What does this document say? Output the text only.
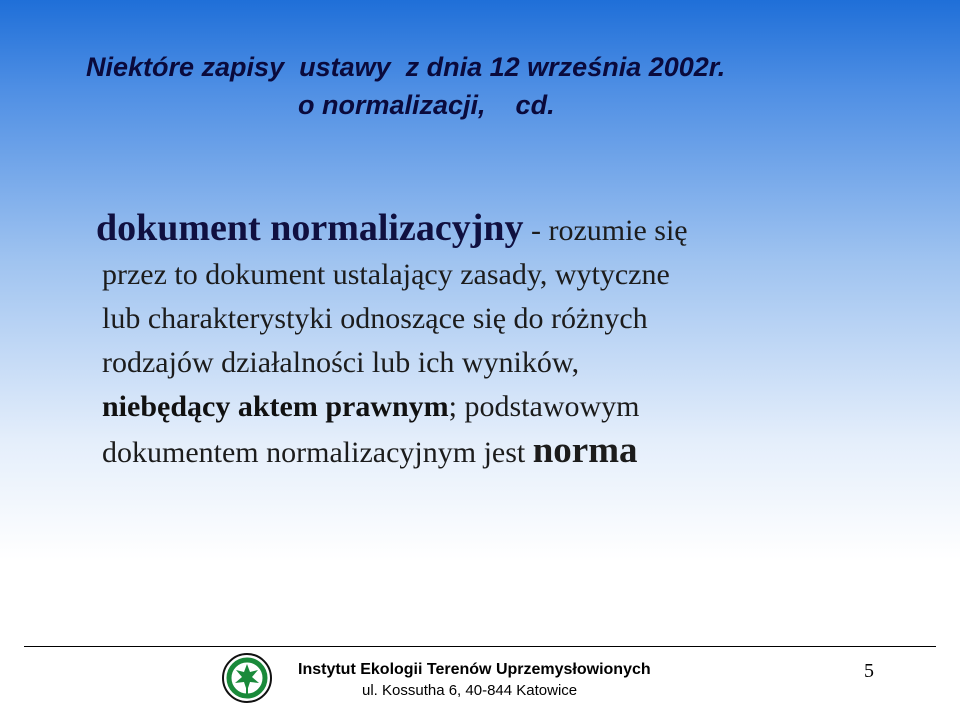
Niektóre zapisy  ustawy  z dnia 12 września 2002r.
o normalizacji,    cd.
dokument normalizacyjny - rozumie się
przez to dokument ustalający zasady, wytyczne
lub charakterystyki odnoszące się do różnych
rodzajów działalności lub ich wyników,
niebędący aktem prawnym; podstawowym
dokumentem normalizacyjnym jest norma
Instytut Ekologii Terenów Uprzemysłowionych
ul. Kossutha 6, 40-844 Katowice
5
